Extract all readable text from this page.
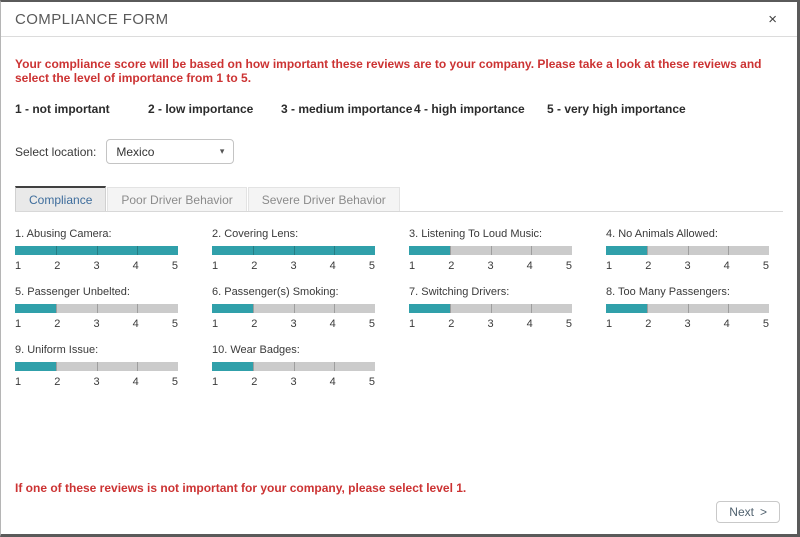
COMPLIANCE FORM	×
Your compliance score will be based on how important these reviews are to your company. Please take a look at these reviews and select the level of importance from 1 to 5.
1 - not important	2 - low importance	3 - medium importance 4 - high importance	5 - very high importance
Select location: Mexico	▾
Compliance	Poor Driver Behavior	Severe Driver Behavior
1. Abusing Camera:
1	2	3	4	5
2. Covering Lens:
1	2	3	4	5
3. Listening To Loud Music:
1	2	3	4	5
4. No Animals Allowed:
1	2	3	4	5
5. Passenger Unbelted:
1	2	3	4	5
6. Passenger(s) Smoking:
1	2	3	4	5
7. Switching Drivers:
1	2	3	4	5
8. Too Many Passengers:
1	2	3	4	5
9. Uniform Issue:
1	2	3	4	5
10. Wear Badges:
1	2	3	4	5
If one of these reviews is not important for your company, please select level 1.
Next >
